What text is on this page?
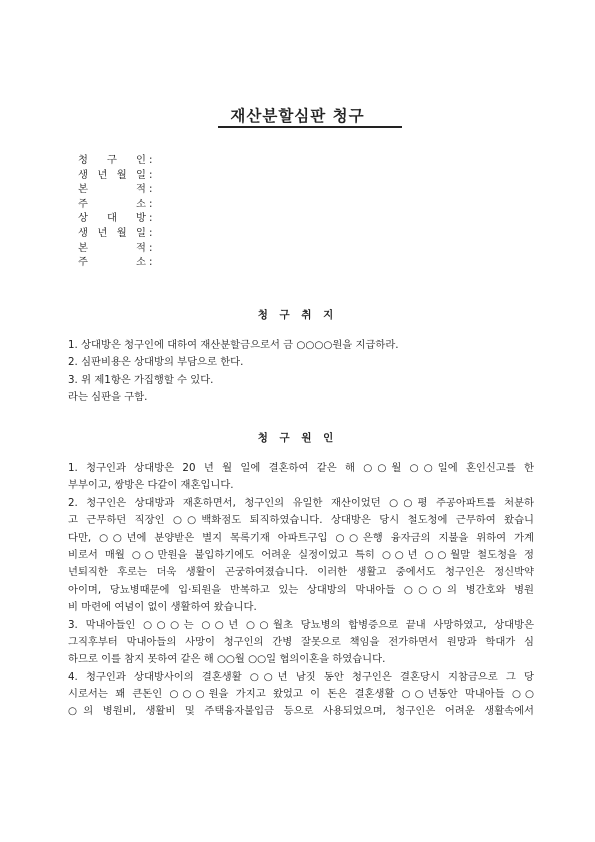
재산분할심판 청구
청 구 인 :
생 년 월 일 :
본	적 :
주	소 :
상 대 방 :
생 년 월 일 :
본	적 :
주	소 :
청 구 취 지
1. 상대방은 청구인에 대하여 재산분할금으로서 금 ○○○○원을 지급하라.
2. 심판비용은 상대방의 부담으로 한다.
3. 위 제1항은 가집행할 수 있다.
라는 심판을 구함.
청 구 원 인
1. 청구인과 상대방은 20 년 월 일에 결혼하여 같은 해 ○○월 ○○일에 혼인신고를 한
부부이고, 쌍방은 다같이 재혼입니다.
2. 청구인은 상대방과 재혼하면서, 청구인의 유일한 재산이었던 ○○평 주공아파트를 처분하
고 근무하던 직장인 ○○백화점도 퇴직하였습니다. 상대방은 당시 철도청에 근무하여 왔습니
다만, ○○년에 분양받은 별지 목록기재 아파트구입 ○○은행 융자금의 지불을 위하여 가계
비로서 매월 ○○만원을 불입하기에도 어려운 실정이었고 특히 ○○년 ○○월말 철도청을 정
년퇴직한 후로는 더욱 생활이 곤궁하여졌습니다. 이러한 생활고 중에서도 청구인은 정신박약
아이며, 당뇨병때문에 입·퇴원을 반복하고 있는 상대방의 막내아들 ○○○의 병간호와 병원
비 마련에 여념이 없이 생활하여 왔습니다.
3. 막내아들인 ○○○는 ○○년 ○○월초 당뇨병의 합병증으로 끝내 사망하였고, 상대방은
그직후부터 막내아들의 사망이 청구인의 간병 잘못으로 책임을 전가하면서 원망과 학대가 심
하므로 이를 참지 못하여 같은 해 ○○월 ○○일 협의이혼을 하였습니다.
4. 청구인과 상대방사이의 결혼생활 ○○년 남짓 동안 청구인은 결혼당시 지참금으로 그 당
시로서는 꽤 큰돈인 ○○○원을 가지고 왔었고 이 돈은 결혼생활 ○○년동안 막내아들 ○○
○의 병원비, 생활비 및 주택융자불입금 등으로 사용되었으며, 청구인은 어려운 생활속에서
